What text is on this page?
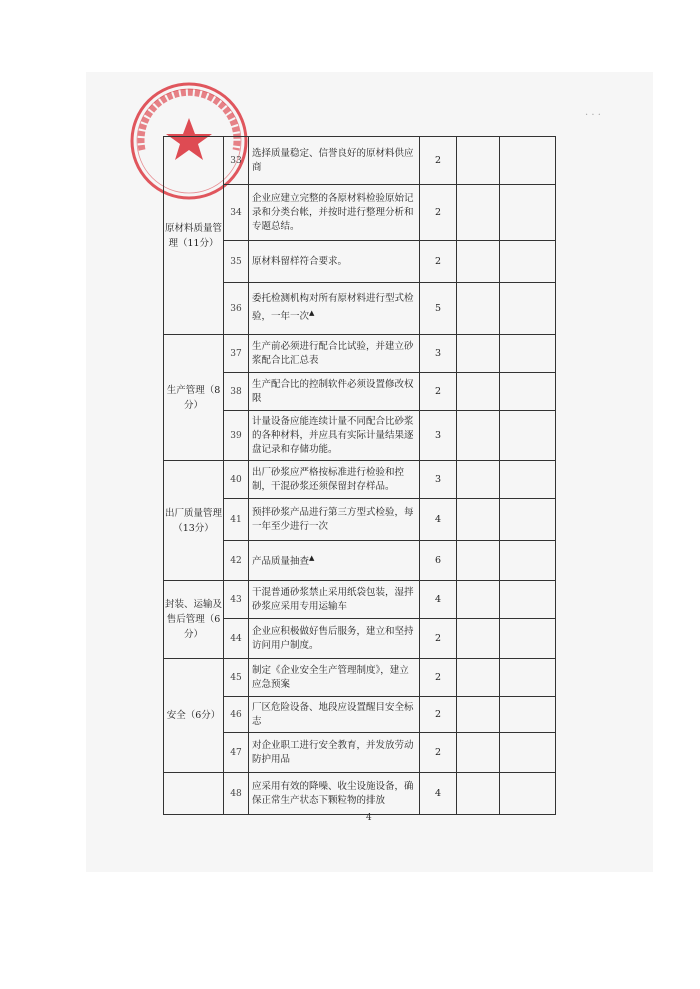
· · ·
原材料质量管理（11分）	33	选择质量稳定、信誉良好的原材料供应商	2		
	34	企业应建立完整的各原材料检验原始记录和分类台帐，并按时进行整理分析和专题总结。	2		
	35	原材料留样符合要求。	2		
	36	委托检测机构对所有原材料进行型式检验，一年一次▲	5		
生产管理（8分）	37	生产前必须进行配合比试验，并建立砂浆配合比汇总表	3		
	38	生产配合比的控制软件必须设置修改权限	2		
	39	计量设备应能连续计量不同配合比砂浆的各种材料，并应具有实际计量结果逐盘记录和存储功能。	3		
出厂质量管理（13分）	40	出厂砂浆应严格按标准进行检验和控制，干混砂浆还须保留封存样品。	3		
	41	预拌砂浆产品进行第三方型式检验，每一年至少进行一次	4		
	42	产品质量抽查▲	6		
封装、运输及售后管理（6分）	43	干混普通砂浆禁止采用纸袋包装，湿拌砂浆应采用专用运输车	4		
	44	企业应积极做好售后服务，建立和坚持访问用户制度。	2		
安全（6分）	45	制定《企业安全生产管理制度》，建立应急预案	2		
	46	厂区危险设备、地段应设置醒目安全标志	2		
	47	对企业职工进行安全教育，并发放劳动防护用品	2		
	48	应采用有效的降噪、收尘设施设备，确保正常生产状态下颗粒物的排放	4		
4
